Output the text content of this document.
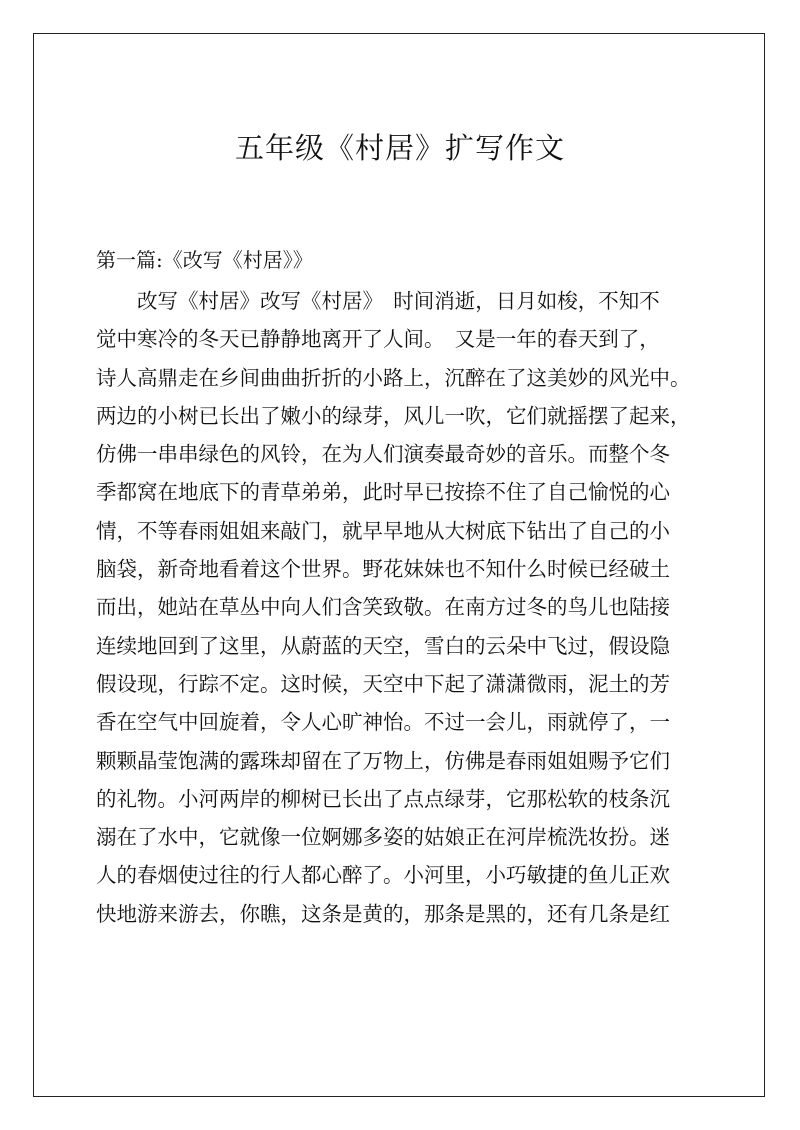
五年级《村居》扩写作文

第一篇:《改写《村居》》

　　改写《村居》改写《村居》　时间消逝，日月如梭，不知不
觉中寒冷的冬天已静静地离开了人间。　又是一年的春天到了，
诗人高鼎走在乡间曲曲折折的小路上，沉醉在了这美妙的风光中。
两边的小树已长出了嫩小的绿芽，风儿一吹，它们就摇摆了起来，
仿佛一串串绿色的风铃，在为人们演奏最奇妙的音乐。而整个冬
季都窝在地底下的青草弟弟，此时早已按捺不住了自己愉悦的心
情，不等春雨姐姐来敲门，就早早地从大树底下钻出了自己的小
脑袋，新奇地看着这个世界。野花妹妹也不知什么时候已经破土
而出，她站在草丛中向人们含笑致敬。在南方过冬的鸟儿也陆接
连续地回到了这里，从蔚蓝的天空，雪白的云朵中飞过，假设隐
假设现，行踪不定。这时候，天空中下起了潇潇微雨，泥土的芳
香在空气中回旋着，令人心旷神怡。不过一会儿，雨就停了，一
颗颗晶莹饱满的露珠却留在了万物上，仿佛是春雨姐姐赐予它们
的礼物。小河两岸的柳树已长出了点点绿芽，它那松软的枝条沉
溺在了水中，它就像一位婀娜多姿的姑娘正在河岸梳洗妆扮。迷
人的春烟使过往的行人都心醉了。小河里，小巧敏捷的鱼儿正欢
快地游来游去，你瞧，这条是黄的，那条是黑的，还有几条是红
